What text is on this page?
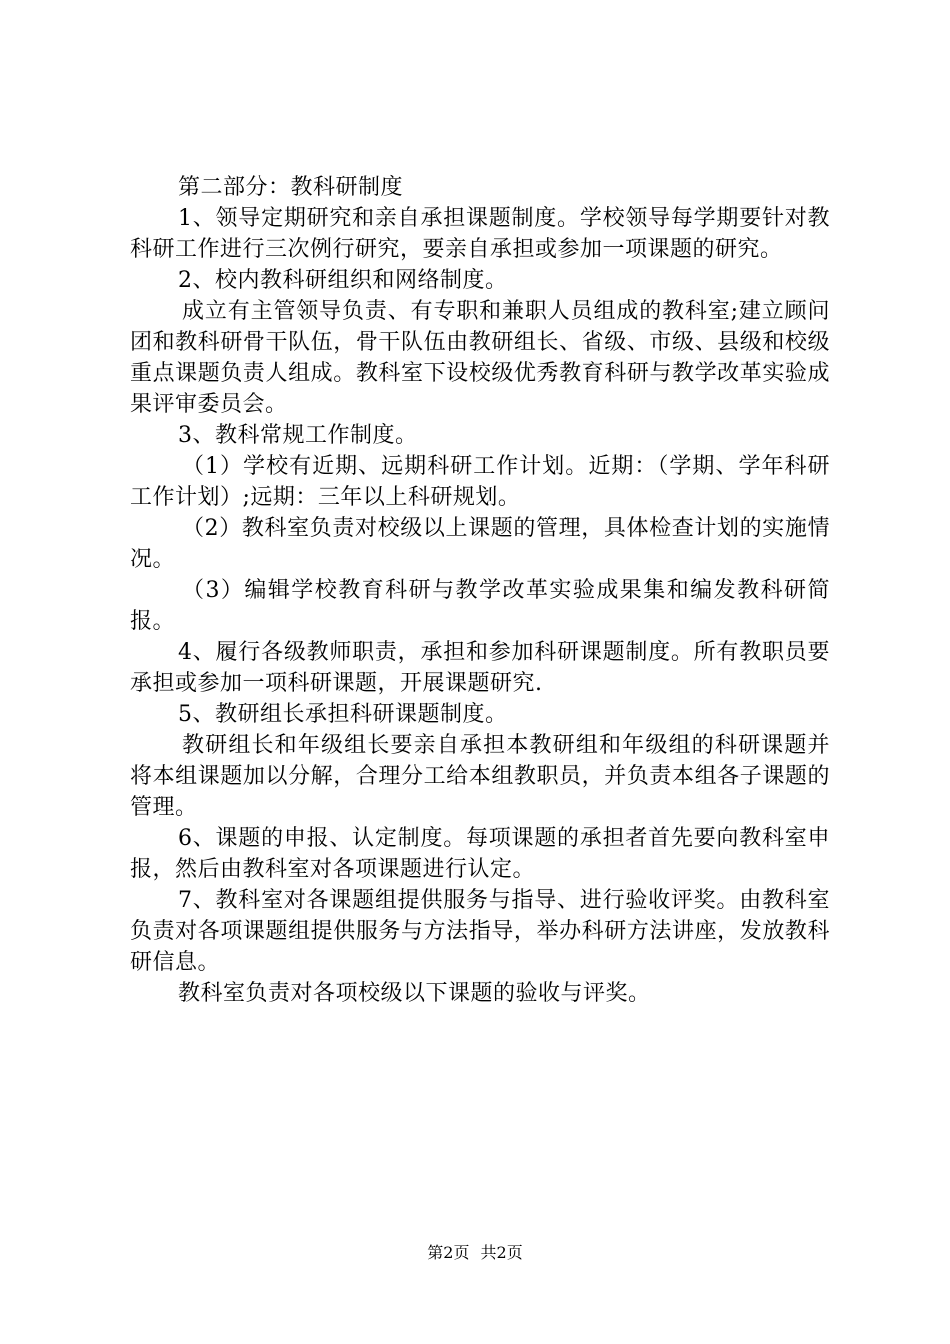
第二部分：教科研制度

1、领导定期研究和亲自承担课题制度。学校领导每学期要针对教科研工作进行三次例行研究，要亲自承担或参加一项课题的研究。

2、校内教科研组织和网络制度。

成立有主管领导负责、有专职和兼职人员组成的教科室;建立顾问团和教科研骨干队伍，骨干队伍由教研组长、省级、市级、县级和校级重点课题负责人组成。教科室下设校级优秀教育科研与教学改革实验成果评审委员会。

3、教科常规工作制度。

（1）学校有近期、远期科研工作计划。近期：（学期、学年科研工作计划）;远期：三年以上科研规划。

（2）教科室负责对校级以上课题的管理，具体检查计划的实施情况。

（3）编辑学校教育科研与教学改革实验成果集和编发教科研简报。

4、履行各级教师职责，承担和参加科研课题制度。所有教职员要承担或参加一项科研课题，开展课题研究.

5、教研组长承担科研课题制度。

教研组长和年级组长要亲自承担本教研组和年级组的科研课题并将本组课题加以分解，合理分工给本组教职员，并负责本组各子课题的管理。

6、课题的申报、认定制度。每项课题的承担者首先要向教科室申报，然后由教科室对各项课题进行认定。

7、教科室对各课题组提供服务与指导、进行验收评奖。由教科室负责对各项课题组提供服务与方法指导，举办科研方法讲座，发放教科研信息。

教科室负责对各项校级以下课题的验收与评奖。

第2页 共2页
